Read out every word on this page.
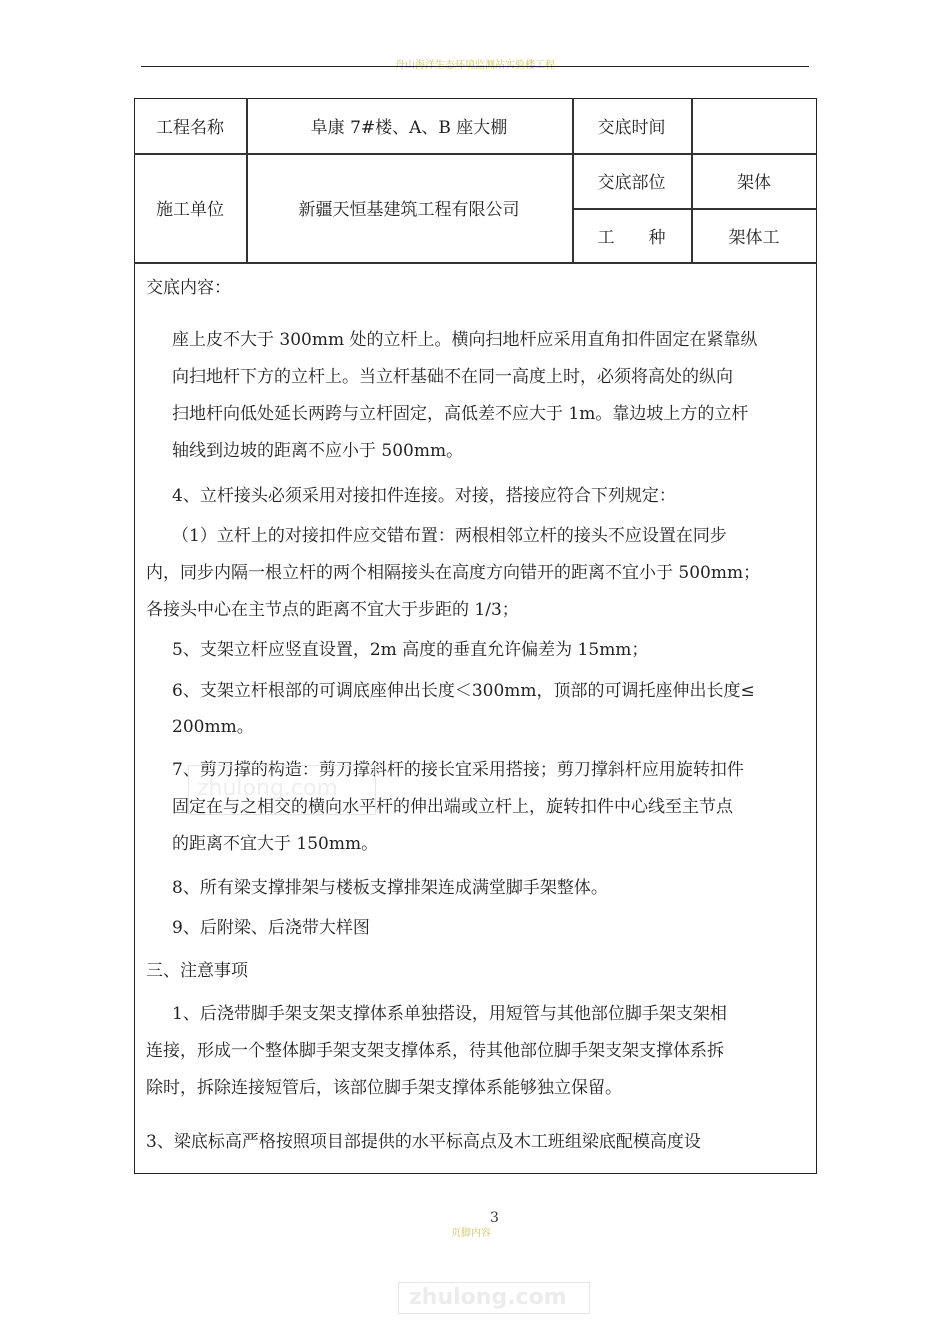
舟山海洋生态环境监测站实验楼工程
工程名称	阜康 7#楼、A、B 座大棚	交底时间
施工单位	新疆天恒基建筑工程有限公司
交底部位	架体
工　　种	架体工
交底内容：
座上皮不大于 300mm 处的立杆上。横向扫地杆应采用直角扣件固定在紧靠纵
向扫地杆下方的立杆上。当立杆基础不在同一高度上时，必须将高处的纵向
扫地杆向低处延长两跨与立杆固定，高低差不应大于 1m。靠边坡上方的立杆
轴线到边坡的距离不应小于 500mm。
4、立杆接头必须采用对接扣件连接。对接，搭接应符合下列规定：
（1）立杆上的对接扣件应交错布置：两根相邻立杆的接头不应设置在同步
内，同步内隔一根立杆的两个相隔接头在高度方向错开的距离不宜小于 500mm；
各接头中心在主节点的距离不宜大于步距的 1/3；
5、支架立杆应竖直设置，2m 高度的垂直允许偏差为 15mm；
6、支架立杆根部的可调底座伸出长度＜300mm，顶部的可调托座伸出长度≤
200mm。
7、剪刀撑的构造：剪刀撑斜杆的接长宜采用搭接；剪刀撑斜杆应用旋转扣件
固定在与之相交的横向水平杆的伸出端或立杆上，旋转扣件中心线至主节点
的距离不宜大于 150mm。
8、所有梁支撑排架与楼板支撑排架连成满堂脚手架整体。
9、后附梁、后浇带大样图
三、注意事项
1、后浇带脚手架支架支撑体系单独搭设，用短管与其他部位脚手架支架相
连接，形成一个整体脚手架支架支撑体系，待其他部位脚手架支架支撑体系拆
除时，拆除连接短管后，该部位脚手架支撑体系能够独立保留。
3、梁底标高严格按照项目部提供的水平标高点及木工班组梁底配模高度设
zhulong.com
页脚内容
3
zhulong.com
